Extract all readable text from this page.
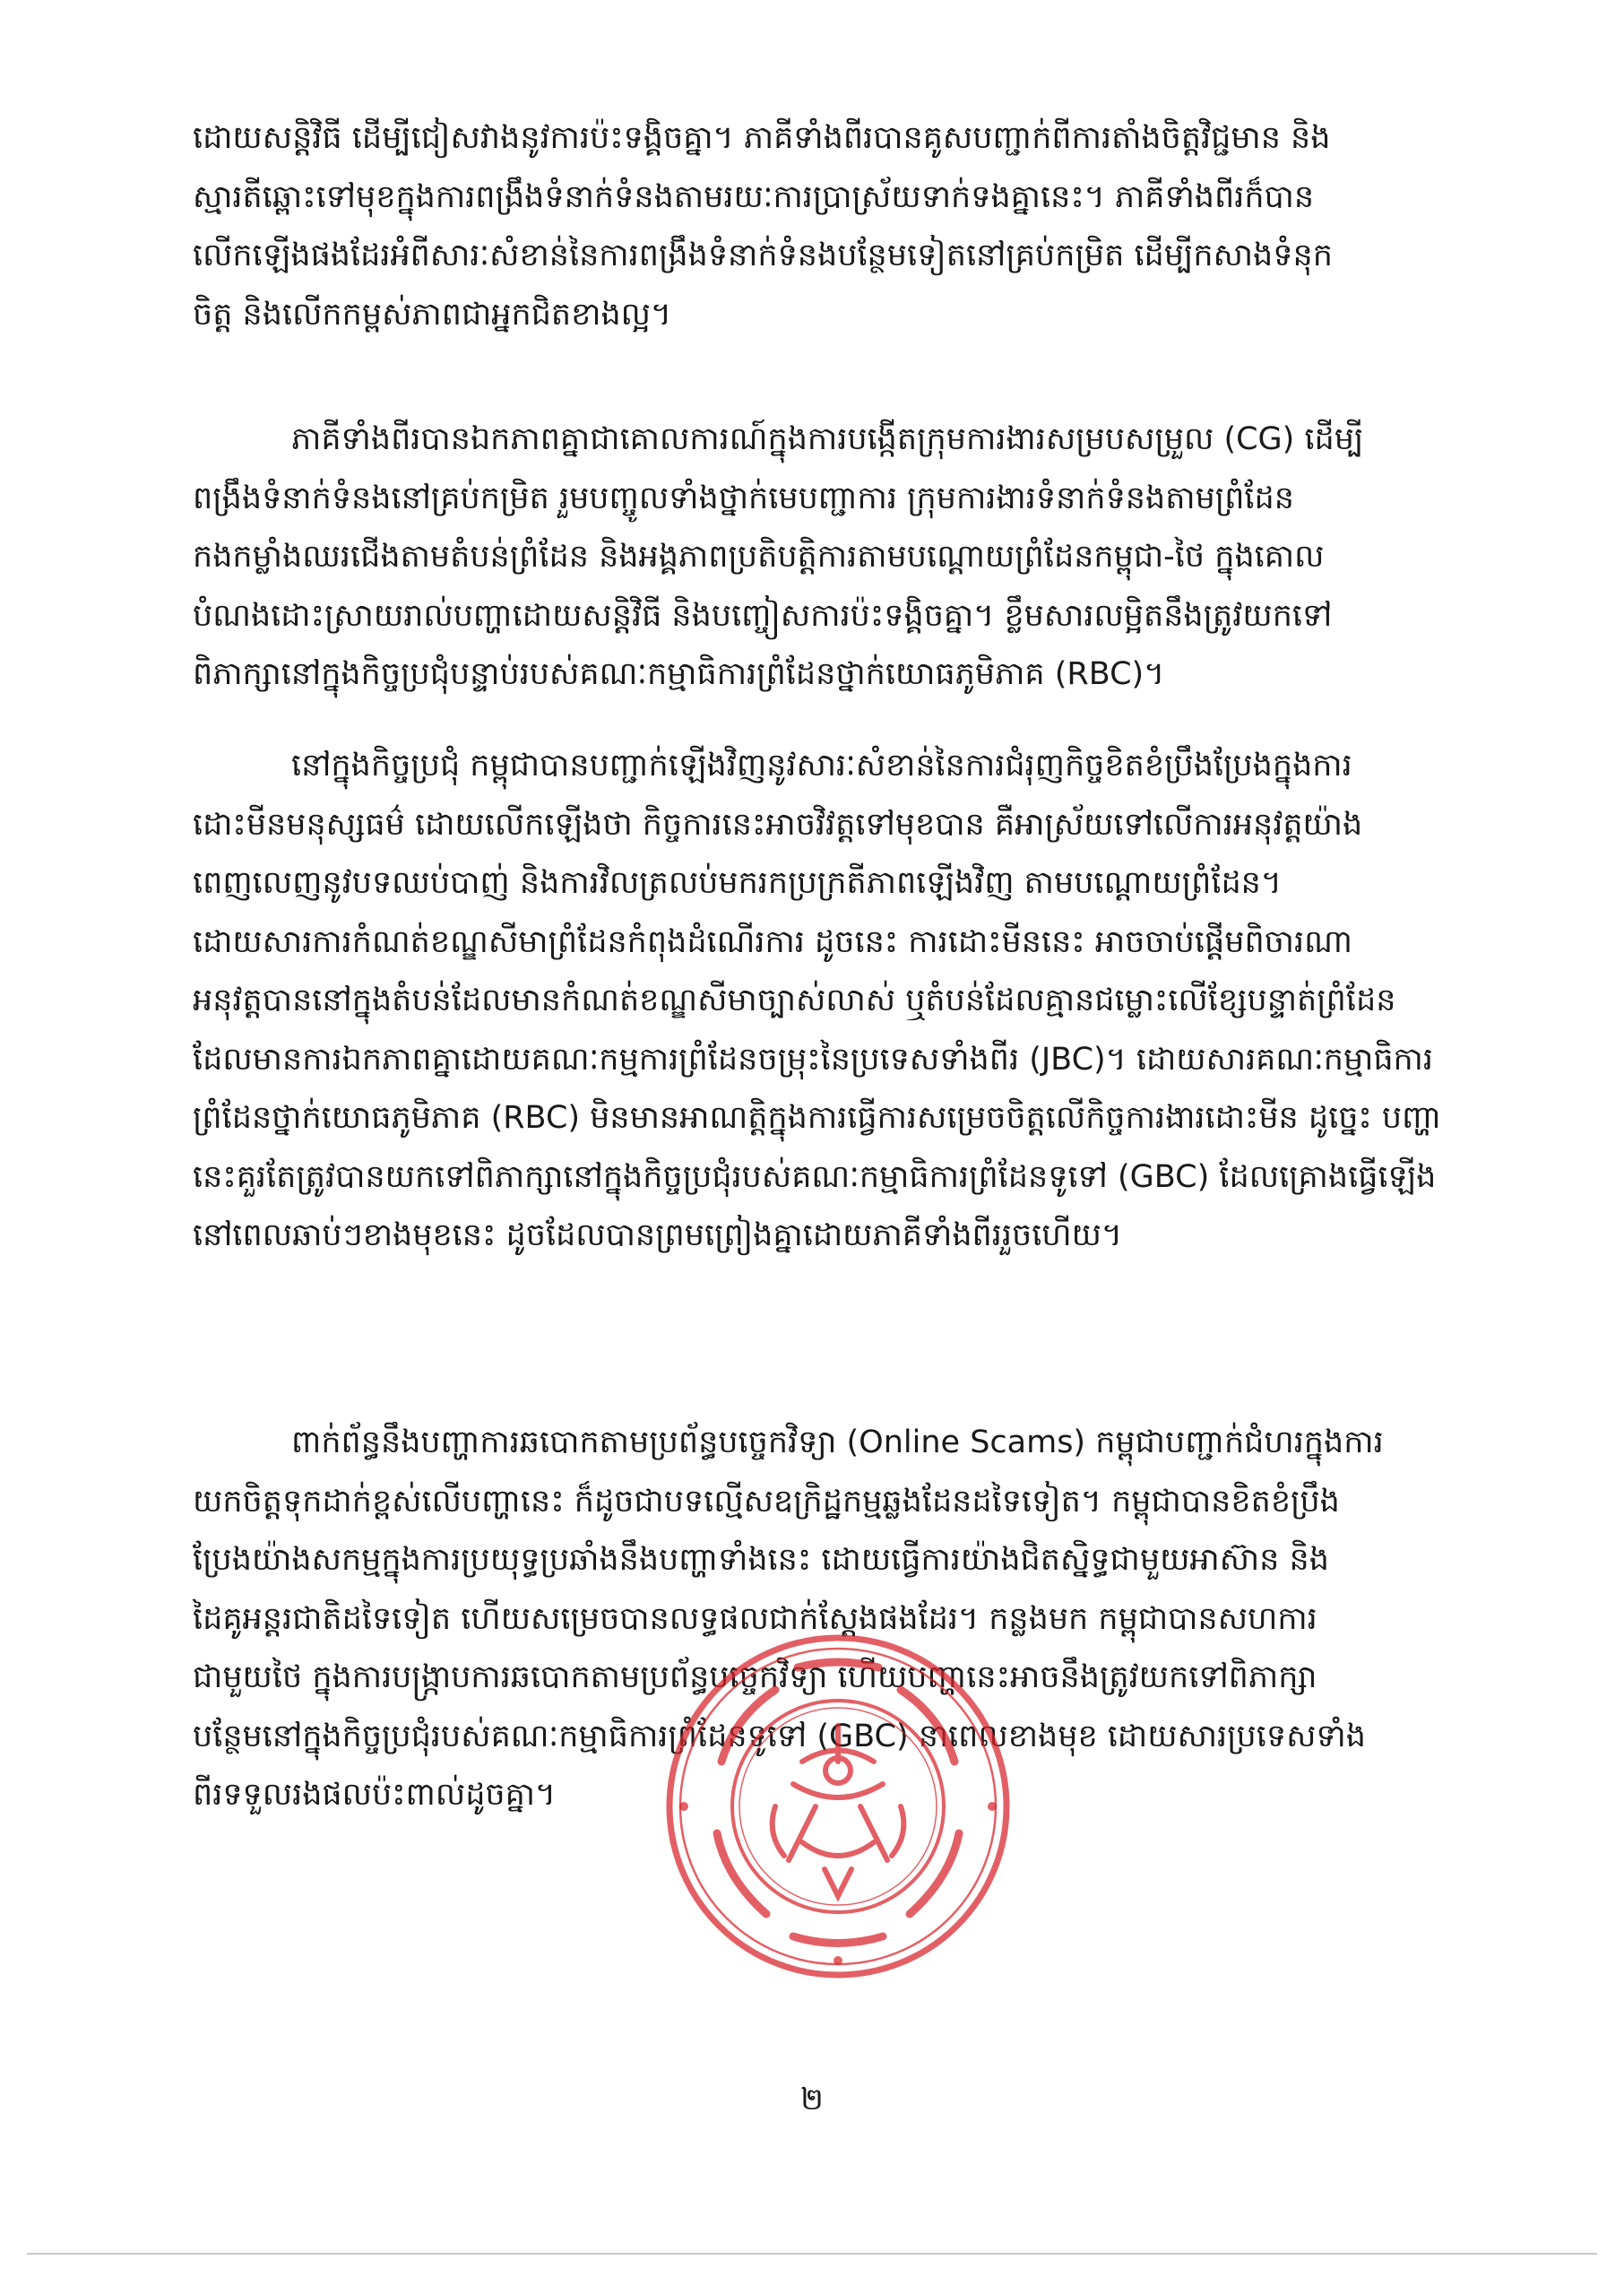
ដោយសន្តិវិធី ដើម្បីជៀសវាងនូវការប៉ះទង្គិចគ្នា។ ភាគីទាំងពីរបានគូសបញ្ជាក់ពីការតាំងចិត្តវិជ្ជមាន និង
ស្មារតីឆ្ពោះទៅមុខក្នុងការពង្រឹងទំនាក់ទំនងតាមរយៈការប្រាស្រ័យទាក់ទងគ្នានេះ។ ភាគីទាំងពីរក៏បាន
លើកឡើងផងដែរអំពីសារៈសំខាន់នៃការពង្រឹងទំនាក់ទំនងបន្ថែមទៀតនៅគ្រប់កម្រិត ដើម្បីកសាងទំនុក
ចិត្ត និងលើកកម្ពស់ភាពជាអ្នកជិតខាងល្អ។

ភាគីទាំងពីរបានឯកភាពគ្នាជាគោលការណ៍ក្នុងការបង្កើតក្រុមការងារសម្របសម្រួល (CG) ដើម្បី
ពង្រឹងទំនាក់ទំនងនៅគ្រប់កម្រិត រួមបញ្ចូលទាំងថ្នាក់មេបញ្ជាការ ក្រុមការងារទំនាក់ទំនងតាមព្រំដែន
កងកម្លាំងឈរជើងតាមតំបន់ព្រំដែន និងអង្គភាពប្រតិបត្តិការតាមបណ្តោយព្រំដែនកម្ពុជា-ថៃ ក្នុងគោល
បំណងដោះស្រាយរាល់បញ្ហាដោយសន្តិវិធី និងបញ្ចៀសការប៉ះទង្គិចគ្នា។ ខ្លឹមសារលម្អិតនឹងត្រូវយកទៅ
ពិភាក្សានៅក្នុងកិច្ចប្រជុំបន្ទាប់របស់គណៈកម្មាធិការព្រំដែនថ្នាក់យោធភូមិភាគ (RBC)។

នៅក្នុងកិច្ចប្រជុំ កម្ពុជាបានបញ្ជាក់ឡើងវិញនូវសារៈសំខាន់នៃការជំរុញកិច្ចខិតខំប្រឹងប្រែងក្នុងការ
ដោះមីនមនុស្សធម៌ ដោយលើកឡើងថា កិច្ចការនេះអាចវិវត្តទៅមុខបាន គឺអាស្រ័យទៅលើការអនុវត្តយ៉ាង
ពេញលេញនូវបទឈប់បាញ់ និងការវិលត្រលប់មករកប្រក្រតីភាពឡើងវិញ តាមបណ្តោយព្រំដែន។
ដោយសារការកំណត់ខណ្ឌសីមាព្រំដែនកំពុងដំណើរការ ដូចនេះ ការដោះមីននេះ អាចចាប់ផ្តើមពិចារណា
អនុវត្តបាននៅក្នុងតំបន់ដែលមានកំណត់ខណ្ឌសីមាច្បាស់លាស់ ឬតំបន់ដែលគ្មានជម្លោះលើខ្សែបន្ទាត់ព្រំដែន
ដែលមានការឯកភាពគ្នាដោយគណៈកម្មការព្រំដែនចម្រុះនៃប្រទេសទាំងពីរ (JBC)។ ដោយសារគណៈកម្មាធិការ
ព្រំដែនថ្នាក់យោធភូមិភាគ (RBC) មិនមានអាណត្តិក្នុងការធ្វើការសម្រេចចិត្តលើកិច្ចការងារដោះមីន ដូច្នេះ បញ្ហា
នេះគួរតែត្រូវបានយកទៅពិភាក្សានៅក្នុងកិច្ចប្រជុំរបស់គណៈកម្មាធិការព្រំដែនទូទៅ (GBC) ដែលគ្រោងធ្វើឡើង
នៅពេលឆាប់ៗខាងមុខនេះ ដូចដែលបានព្រមព្រៀងគ្នាដោយភាគីទាំងពីររួចហើយ។

ពាក់ព័ន្ធនឹងបញ្ហាការឆបោកតាមប្រព័ន្ធបច្ចេកវិទ្យា (Online Scams) កម្ពុជាបញ្ជាក់ជំហរក្នុងការ
យកចិត្តទុកដាក់ខ្ពស់លើបញ្ហានេះ ក៏ដូចជាបទល្មើសឧក្រិដ្ឋកម្មឆ្លងដែនដទៃទៀត។ កម្ពុជាបានខិតខំប្រឹង
ប្រែងយ៉ាងសកម្មក្នុងការប្រយុទ្ធប្រឆាំងនឹងបញ្ហាទាំងនេះ ដោយធ្វើការយ៉ាងជិតស្និទ្ធជាមួយអាស៊ាន និង
ដៃគូអន្តរជាតិដទៃទៀត ហើយសម្រេចបានលទ្ធផលជាក់ស្តែងផងដែរ។ កន្លងមក កម្ពុជាបានសហការ
ជាមួយថៃ ក្នុងការបង្ក្រាបការឆបោកតាមប្រព័ន្ធបច្ចេកវិទ្យា ហើយបញ្ហានេះអាចនឹងត្រូវយកទៅពិភាក្សា
បន្ថែមនៅក្នុងកិច្ចប្រជុំរបស់គណៈកម្មាធិការព្រំដែនទូទៅ (GBC) នាពេលខាងមុខ ដោយសារប្រទេសទាំង
ពីរទទួលរងផលប៉ះពាល់ដូចគ្នា។

២
